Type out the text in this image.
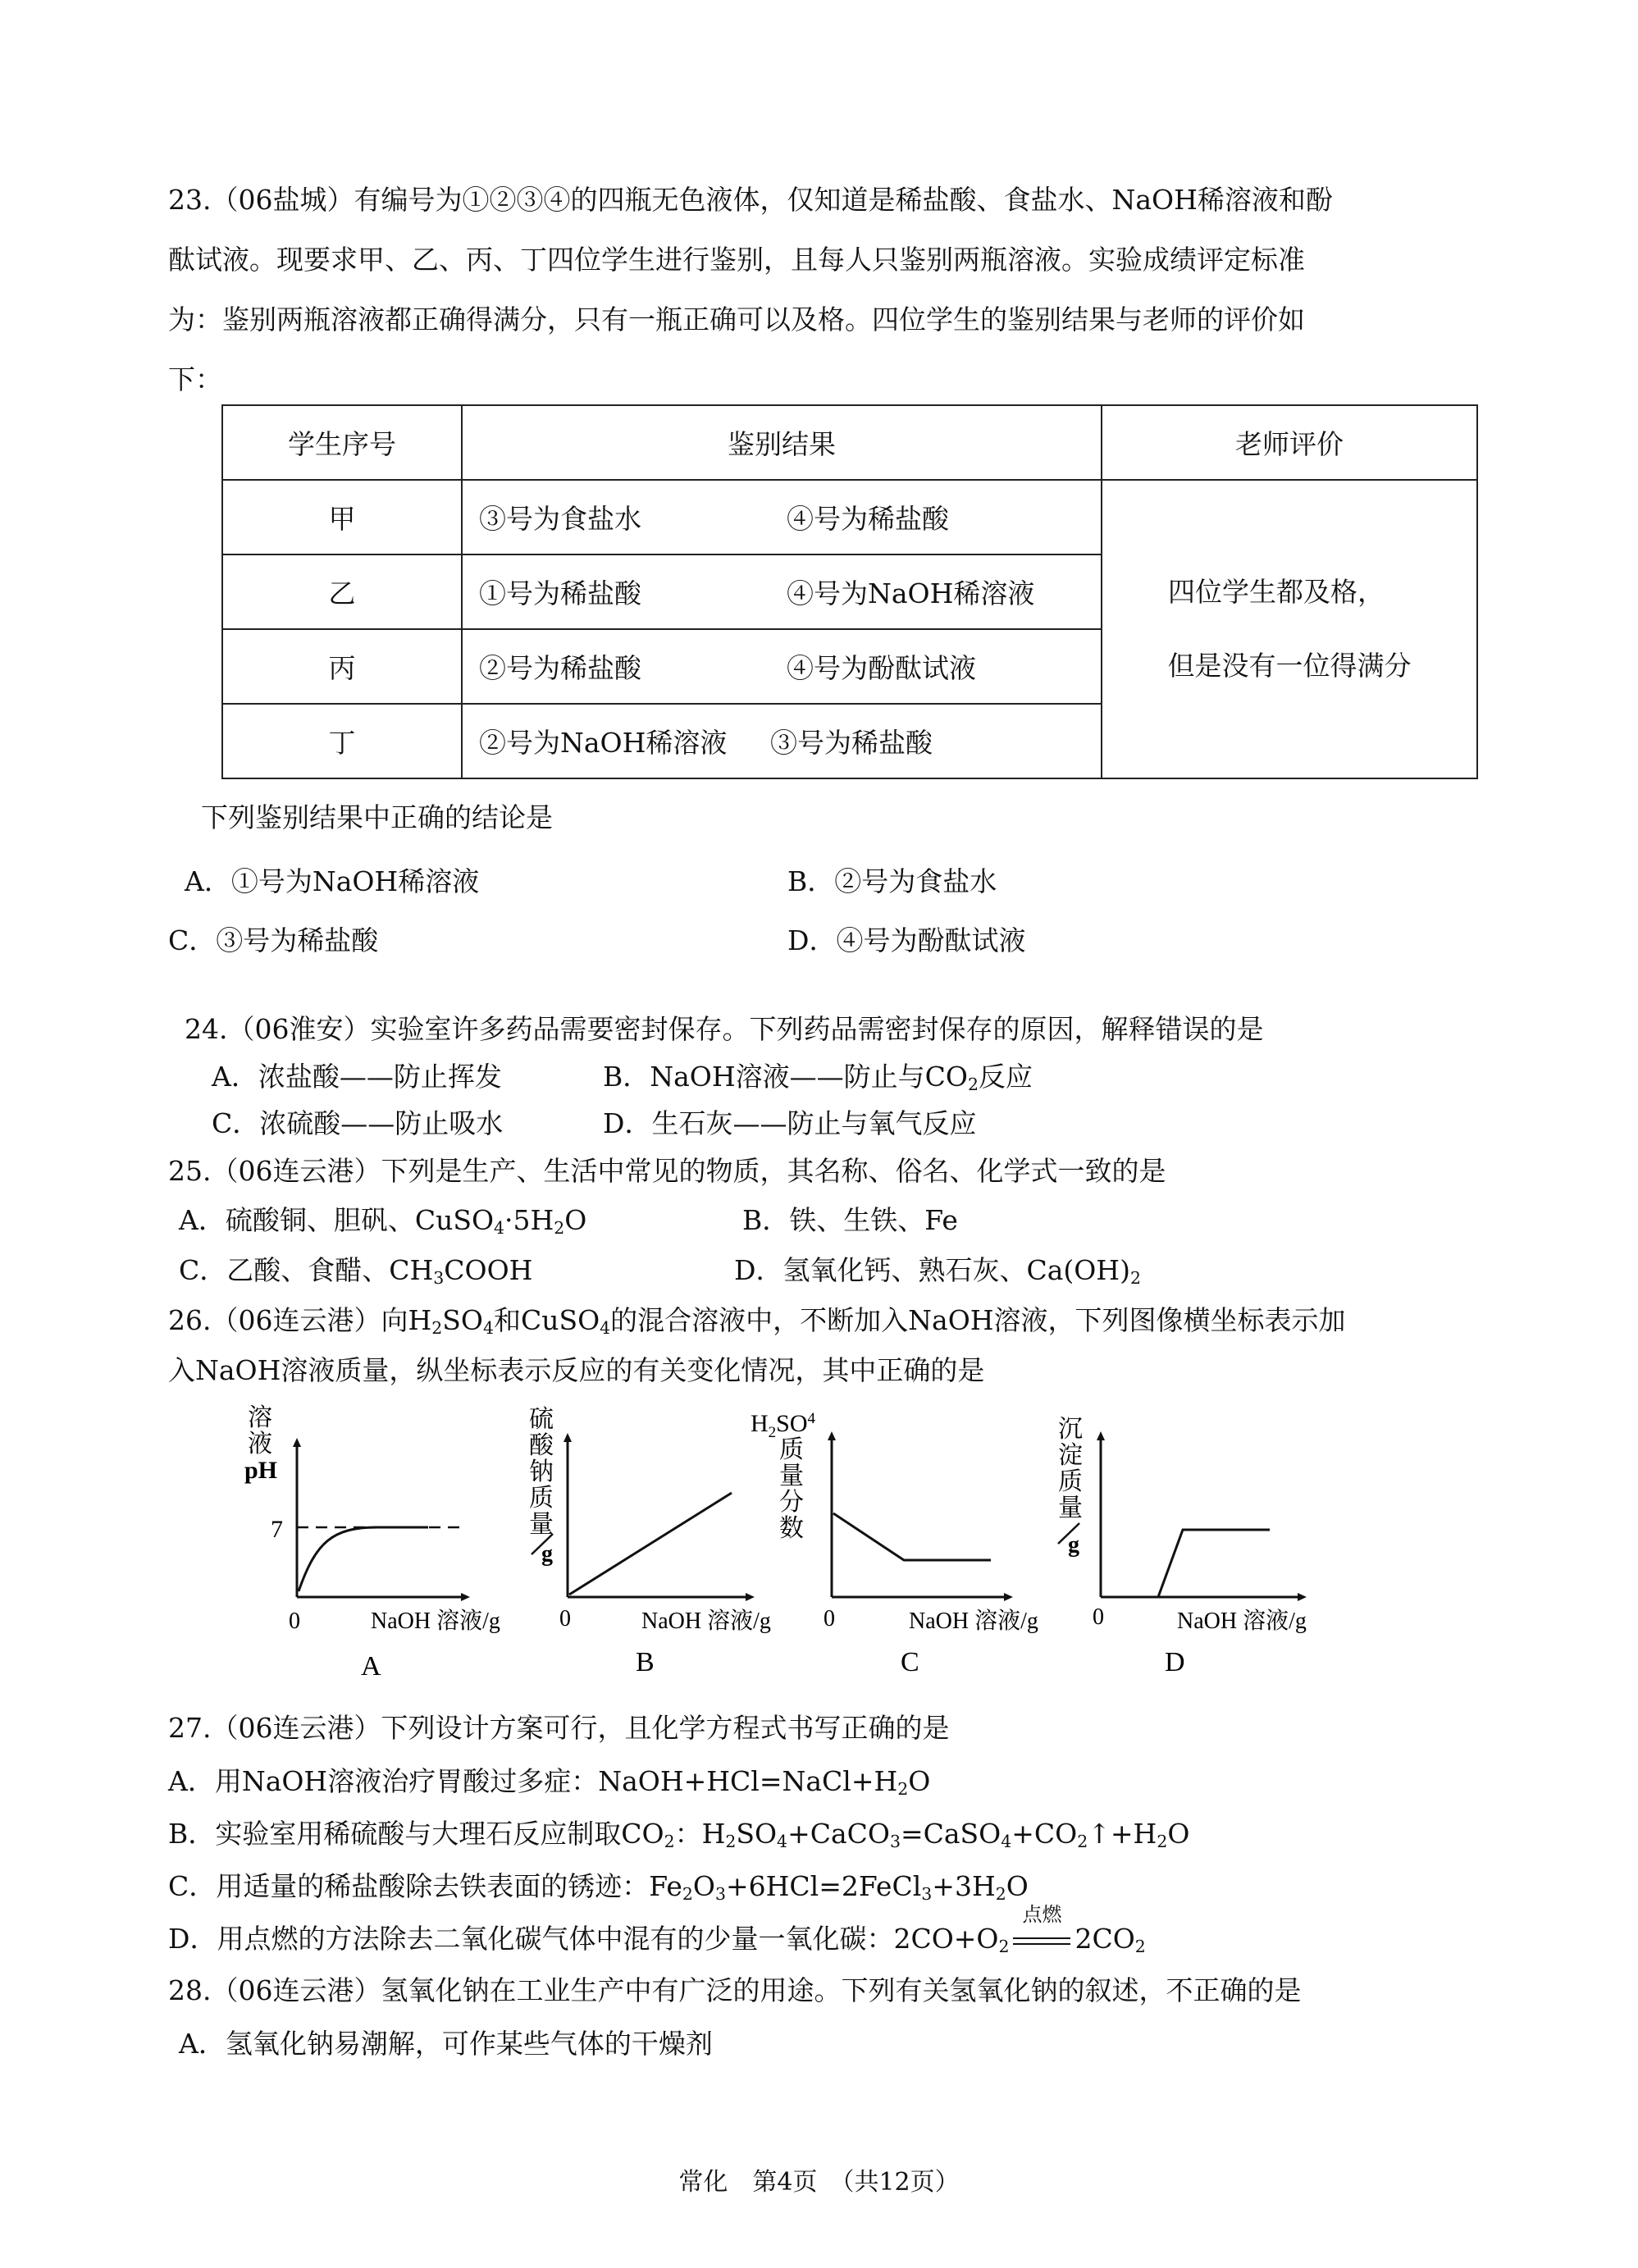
23.（06盐城）有编号为①②③④的四瓶无色液体，仅知道是稀盐酸、食盐水、NaOH稀溶液和酚
酞试液。现要求甲、乙、丙、丁四位学生进行鉴别，且每人只鉴别两瓶溶液。实验成绩评定标准
为：鉴别两瓶溶液都正确得满分，只有一瓶正确可以及格。四位学生的鉴别结果与老师的评价如
下：
学生序号	鉴别结果	老师评价
甲	③号为食盐水 ④号为稀盐酸	四位学生都及格，
但是没有一位得满分

乙	①号为稀盐酸 ④号为NaOH稀溶液	
丙	②号为稀盐酸 ④号为酚酞试液	
丁	②号为NaOH稀溶液 ③号为稀盐酸	
下列鉴别结果中正确的结论是
A．①号为NaOH稀溶液	B．②号为食盐水
C．③号为稀盐酸	D．④号为酚酞试液
24.（06淮安）实验室许多药品需要密封保存。下列药品需密封保存的原因，解释错误的是
A．浓盐酸——防止挥发	B．NaOH溶液——防止与$CO_2$反应
C．浓硫酸——防止吸水	D．生石灰——防止与氧气反应
25.（06连云港）下列是生产、生活中常见的物质，其名称、俗名、化学式一致的是
A．硫酸铜、胆矾、$CuSO_4\cdot 5H_2O$	B．铁、生铁、Fe
C．乙酸、食醋、$CH_3COOH$	D．氢氧化钙、熟石灰、$Ca(OH)_2$
26.（06连云港）向$H_2SO_4$和CuSO$_4$的混合溶液中，不断加入NaOH溶液，下列图像横坐标表示加
入NaOH溶液质量，纵坐标表示反应的有关变化情况，其中正确的是
溶
液
pH
7
0	NaOH 溶液/g
A
硫
酸
钠
质
量
g
0	NaOH 溶液/g
B
$H_2SO^4$
质
量
分
数
0	NaOH 溶液/g
C
沉
淀
质
量
g
0	NaOH 溶液/g
D
27.（06连云港）下列设计方案可行，且化学方程式书写正确的是
A．用NaOH溶液治疗胃酸过多症：$NaOH+HCl=NaCl+H_2O$
B．实验室用稀硫酸与大理石反应制取$CO_2$：$H_2SO_4+CaCO_3=CaSO_4+CO_2↑+H_2O$
C．用适量的稀盐酸除去铁表面的锈迹：$Fe_2O_3+6HCl=2FeCl_3+3H_2O$
D．用点燃的方法除去二氧化碳气体中混有的少量一氧化碳：$2CO+O_2$
点燃
$2CO_2$
28.（06连云港）氢氧化钠在工业生产中有广泛的用途。下列有关氢氧化钠的叙述，不正确的是
A．氢氧化钠易潮解，可作某些气体的干燥剂
常化　第4页　（共12页）
